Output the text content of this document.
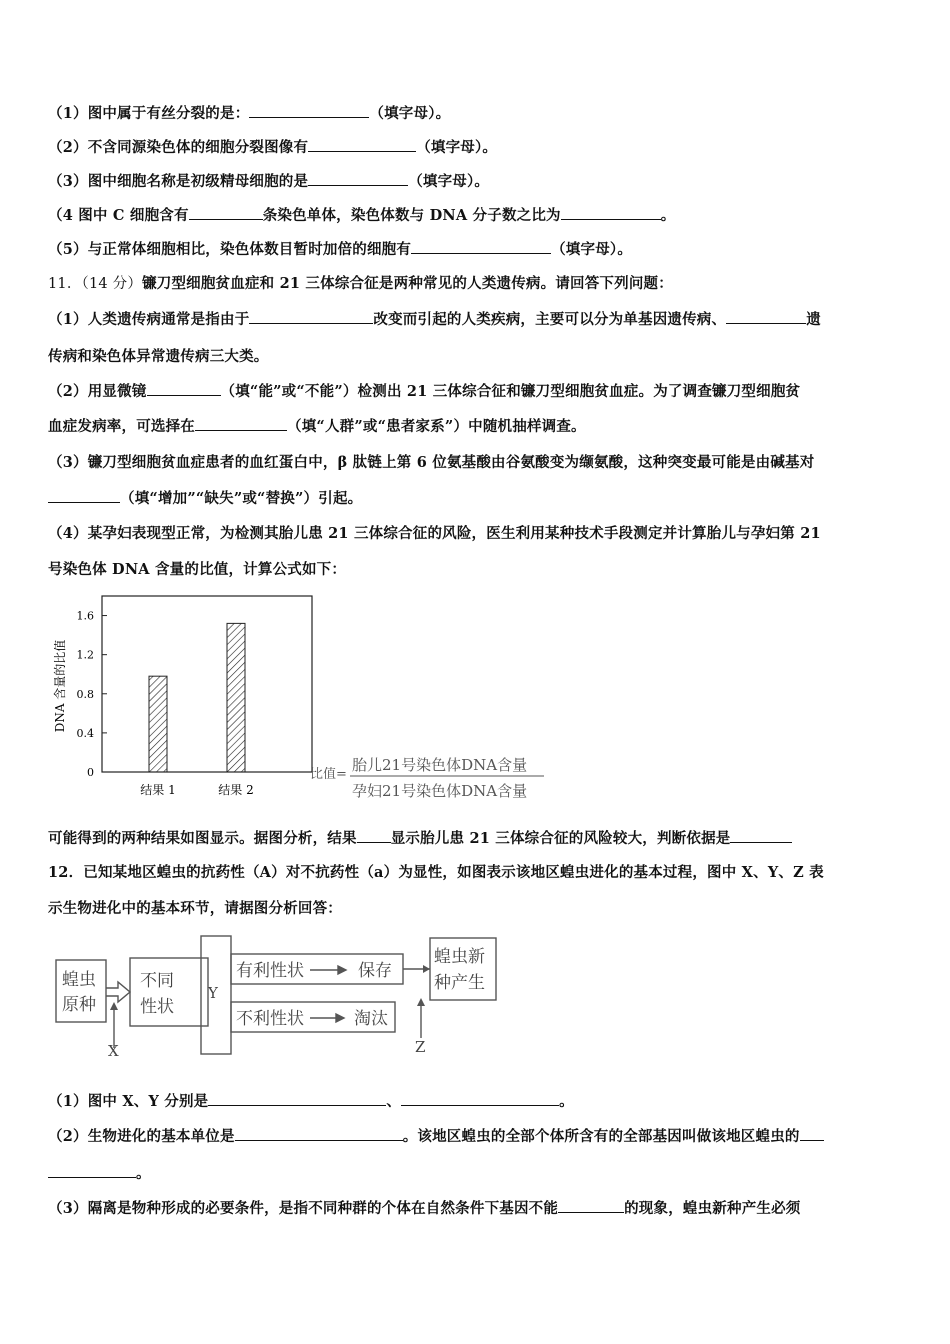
（1）图中属于有丝分裂的是：	（填字母）。
（2）不含同源染色体的细胞分裂图像有	（填字母）。
（3）图中细胞名称是初级精母细胞的是	（填字母）。
（4 图中 C 细胞含有	条染色单体，染色体数与 DNA 分子数之比为	。
（5）与正常体细胞相比，染色体数目暂时加倍的细胞有	（填字母）。
11．（14 分）镰刀型细胞贫血症和 21 三体综合征是两种常见的人类遗传病。请回答下列问题：
（1）人类遗传病通常是指由于	改变而引起的人类疾病，主要可以分为单基因遗传病、	遗
传病和染色体异常遗传病三大类。
（2）用显微镜	（填“能”或“不能”）检测出 21 三体综合征和镰刀型细胞贫血症。为了调查镰刀型细胞贫
血症发病率，可选择在	（填“人群”或“患者家系”）中随机抽样调查。
（3）镰刀型细胞贫血症患者的血红蛋白中，β 肽链上第 6 位氨基酸由谷氨酸变为缬氨酸，这种突变最可能是由碱基对
（填“增加”“缺失”或“替换”）引起。
（4）某孕妇表现型正常，为检测其胎儿患 21 三体综合征的风险，医生利用某种技术手段测定并计算胎儿与孕妇第 21
号染色体 DNA 含量的比值，计算公式如下：
DNA 含量的比值
0
0.4
0.8
1.2
1.6
结果 1	结果 2
比值=
胎儿21号染色体DNA含量
孕妇21号染色体DNA含量
可能得到的两种结果如图显示。据图分析，结果 显示胎儿患 21 三体综合征的风险较大，判断依据是
12．已知某地区蝗虫的抗药性（A）对不抗药性（a）为显性，如图表示该地区蝗虫进化的基本过程，图中 X、Y、Z 表
示生物进化中的基本环节，请据图分析回答：
蝗虫
原种
不同
性状
Y
有利性状	保存
不利性状	淘汰
蝗虫新
种产生
X	Z
（1）图中 X、Y 分别是	、	。
（2）生物进化的基本单位是	。该地区蝗虫的全部个体所含有的全部基因叫做该地区蝗虫的
。
（3）隔离是物种形成的必要条件，是指不同种群的个体在自然条件下基因不能	的现象，蝗虫新种产生必须
